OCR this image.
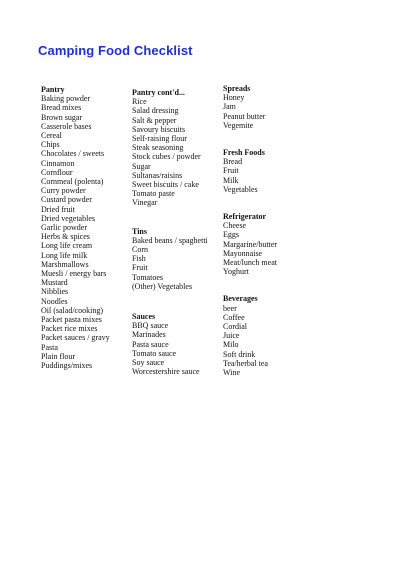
Camping Food Checklist
Pantry
Baking powder
Bread mixes
Brown sugar
Casserole bases
Cereal
Chips
Chocolates / sweets
Cinnamon
Cornflour
Cornmeal (polenta)
Curry powder
Custard powder
Dried fruit
Dried vegetables
Garlic powder
Herbs & spices
Long life cream
Long life milk
Marshmallows
Muesli / energy bars
Mustard
Nibblies
Noodles
Oil (salad/cooking)
Packet pasta mixes
Packet rice mixes
Packet sauces / gravy
Pasta
Plain flour
Puddings/mixes
Pantry cont'd...
Rice
Salad dressing
Salt & pepper
Savoury biscuits
Self-raising flour
Steak seasoning
Stock cubes / powder
Sugar
Sultanas/raisins
Sweet biscuits / cake
Tomato paste
Vinegar
Tins
Baked beans / spaghetti
Corn
Fish
Fruit
Tomatoes
(Other) Vegetables
Sauces
BBQ sauce
Marinades
Pasta sauce
Tomato sauce
Soy sauce
Worcestershire sauce
Spreads
Honey
Jam
Peanut butter
Vegemite
Fresh Foods
Bread
Fruit
Milk
Vegetables
Refrigerator
Cheese
Eggs
Margarine/butter
Mayonnaise
Meat/lunch meat
Yoghurt
Beverages
beer
Coffee
Cordial
Juice
Milo
Soft drink
Tea/herbal tea
Wine
